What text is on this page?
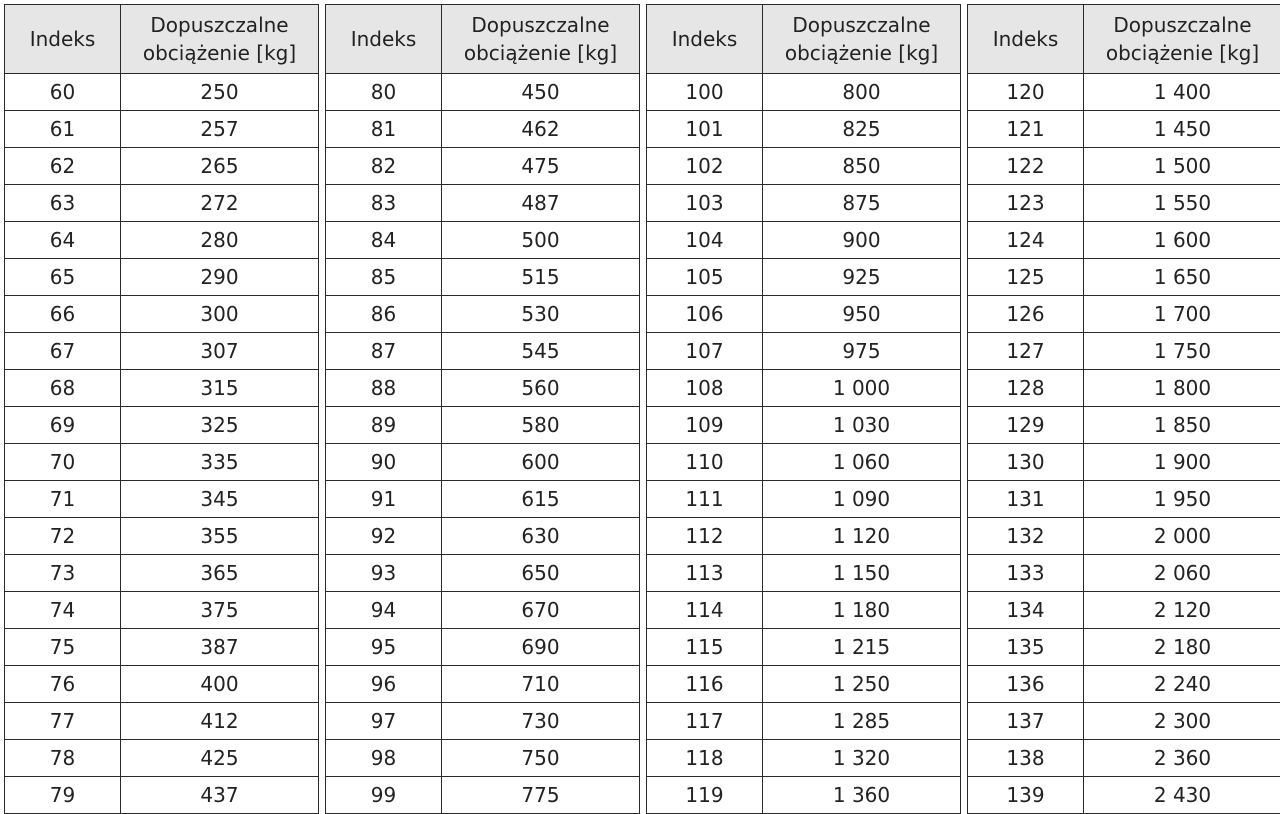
Indeks	Dopuszczalne
obciążenie [kg]

60	250
61	257
62	265
63	272
64	280
65	290
66	300
67	307
68	315
69	325
70	335
71	345
72	355
73	365
74	375
75	387
76	400
77	412
78	425
79	437
Indeks	Dopuszczalne
obciążenie [kg]

80	450
81	462
82	475
83	487
84	500
85	515
86	530
87	545
88	560
89	580
90	600
91	615
92	630
93	650
94	670
95	690
96	710
97	730
98	750
99	775
Indeks	Dopuszczalne
obciążenie [kg]

100	800
101	825
102	850
103	875
104	900
105	925
106	950
107	975
108	1 000
109	1 030
110	1 060
111	1 090
112	1 120
113	1 150
114	1 180
115	1 215
116	1 250
117	1 285
118	1 320
119	1 360
Indeks	Dopuszczalne
obciążenie [kg]

120	1 400
121	1 450
122	1 500
123	1 550
124	1 600
125	1 650
126	1 700
127	1 750
128	1 800
129	1 850
130	1 900
131	1 950
132	2 000
133	2 060
134	2 120
135	2 180
136	2 240
137	2 300
138	2 360
139	2 430
